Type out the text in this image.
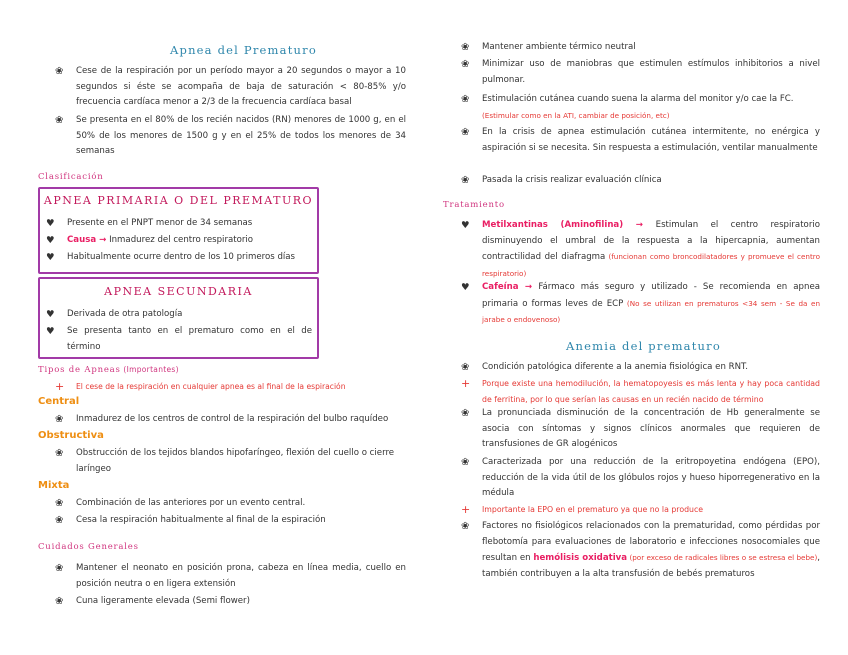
Apnea del Prematuro
❀ Cese de la respiración por un período mayor a 20 segundos o mayor a 10 segundos si éste se acompaña de baja de saturación < 80-85% y/o frecuencia cardíaca menor a 2/3 de la frecuencia cardíaca basal
❀ Se presenta en el 80% de los recién nacidos (RN) menores de 1000 g, en el 50% de los menores de 1500 g y en el 25% de todos los menores de 34 semanas
Clasificación
APNEA PRIMARIA O DEL PREMATURO
♥ Presente en el PNPT menor de 34 semanas
♥ Causa → Inmadurez del centro respiratorio
♥ Habitualmente ocurre dentro de los 10 primeros días
APNEA SECUNDARIA
♥ Derivada de otra patología
♥ Se presenta tanto en el prematuro como en el de término
Tipos de Apneas (Importantes)
+ El cese de la respiración en cualquier apnea es al final de la espiración
Central
❀ Inmadurez de los centros de control de la respiración del bulbo raquídeo
Obstructiva
❀ Obstrucción de los tejidos blandos hipofaríngeo, flexión del cuello o cierre laríngeo
Mixta
❀ Combinación de las anteriores por un evento central.
❀ Cesa la respiración habitualmente al final de la espiración
Cuidados Generales
❀ Mantener el neonato en posición prona, cabeza en línea media, cuello en posición neutra o en ligera extensión
❀ Cuna ligeramente elevada (Semi flower)
❀ Mantener ambiente térmico neutral
❀ Minimizar uso de maniobras que estimulen estímulos inhibitorios a nivel pulmonar.
❀ Estimulación cutánea cuando suena la alarma del monitor y/o cae la FC.
(Estimular como en la ATI, cambiar de posición, etc)
❀ En la crisis de apnea estimulación cutánea intermitente, no enérgica y aspiración si se necesita. Sin respuesta a estimulación, ventilar manualmente
❀ Pasada la crisis realizar evaluación clínica
Tratamiento
♥ Metilxantinas (Aminofilina) → Estimulan el centro respiratorio disminuyendo el umbral de la respuesta a la hipercapnia, aumentan contractilidad del diafragma (funcionan como broncodilatadores y promueve el centro respiratorio)
♥ Cafeína → Fármaco más seguro y utilizado - Se recomienda en apnea primaria o formas leves de ECP (No se utilizan en prematuros <34 sem - Se da en jarabe o endovenoso)
Anemia del prematuro
❀ Condición patológica diferente a la anemia fisiológica en RNT.
+ Porque existe una hemodilución, la hematopoyesis es más lenta y hay poca cantidad de ferritina, por lo que serían las causas en un recién nacido de término
❀ La pronunciada disminución de la concentración de Hb generalmente se asocia con síntomas y signos clínicos anormales que requieren de transfusiones de GR alogénicos
❀ Caracterizada por una reducción de la eritropoyetina endógena (EPO), reducción de la vida útil de los glóbulos rojos y hueso hiporregenerativo en la médula
+ Importante la EPO en el prematuro ya que no la produce
❀ Factores no fisiológicos relacionados con la prematuridad, como pérdidas por flebotomía para evaluaciones de laboratorio e infecciones nosocomiales que resultan en hemólisis oxidativa (por exceso de radicales libres o se estresa el bebe), también contribuyen a la alta transfusión de bebés prematuros
